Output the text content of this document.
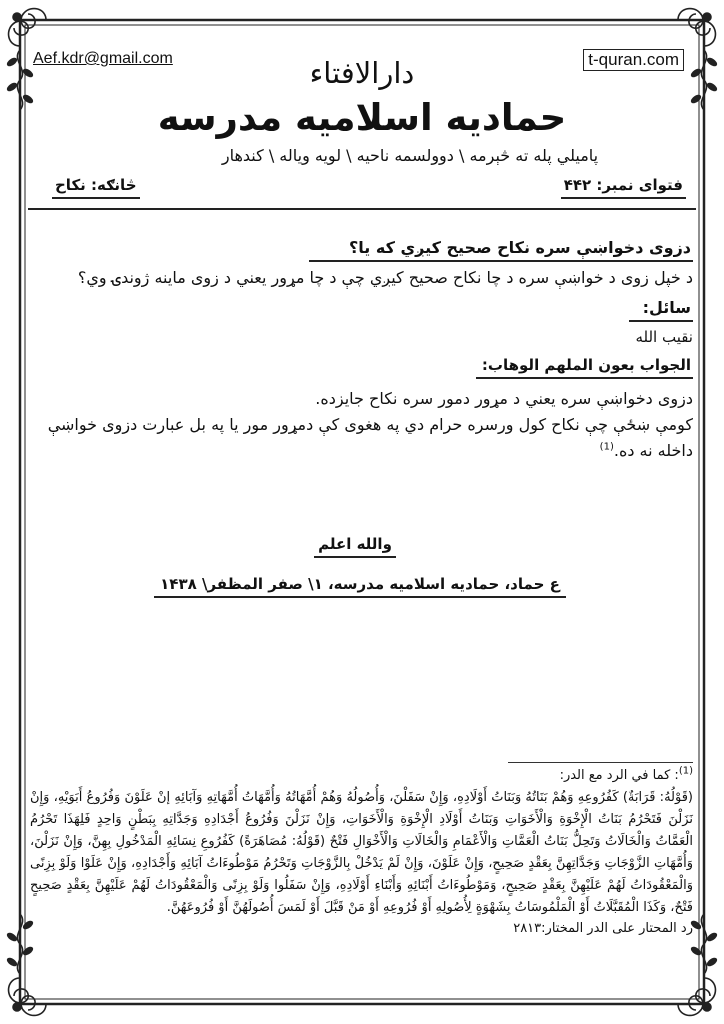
Aef.kdr@gmail.com	t-quran.com
دارالافتاء
حمادیه اسلامیه مدرسه
پامیلي پله ته څېرمه \ دوولسمه ناحیه \ لویه ویاله \ کندهار
فتوای نمبر: ۴۴۲
څانګه: نکاح
دزوی دخواښې سره نکاح صحیح کیږي که یا؟
د خپل زوی د خواښې سره د چا نکاح صحیح کیږي چې د چا مړور یعني د زوی ماینه ژوندۍ وي؟
سائل:
نقیب الله
الجواب بعون الملهم الوهاب:

دزوی دخواښې سره یعني د مړور دمور سره نکاح جایزده.

کومې ښځې چې نکاح کول ورسره حرام دي په هغوی کې دمړور مور یا په بل عبارت دزوی خواښې داخله نه ده.$^{(1)}$

والله اعلم
ع حماد، حمادیه اسلامیه مدرسه، ۱\ صفر المظفر\ ۱۴۳۸

$^{(1)}$: كما في الرد مع الدر:

(قَوْلُهُ: قَرَابَةٌ) كَفُرُوعِهِ وَهُمْ بَنَاتُهُ وَبَنَاتُ أَوْلَادِهِ، وَإِنْ سَفَلْنَ، وَأُصُولُهُ وَهُمْ أُمَّهَاتُهُ وَأُمَّهَاتُ أُمَّهَاتِهِ وَآبَائِهِ إنْ عَلَوْنَ وَفُرُوعُ أَبَوَيْهِ، وَإِنْ نَزَلْنَ فَتَحْرُمُ بَنَاتُ الْإِخْوَةِ وَالْأَخَوَاتِ وَبَنَاتُ أَوْلَادِ الْإِخْوَةِ وَالْأَخَوَاتِ، وَإِنْ نَزَلْنَ وَفُرُوعُ أَجْدَادِهِ وَجَدَّاتِهِ بِبَطْنٍ وَاحِدٍ فَلِهَذَا تَحْرُمُ الْعَمَّاتُ وَالْخَالَاتُ وَتَحِلُّ بَنَاتُ الْعَمَّاتِ وَالْأَعْمَامِ وَالْخَالَاتِ وَالْأَخْوَالِ فَتْحٌ (قَوْلُهُ: مُصَاهَرَةً) كَفُرُوعِ نِسَائِهِ الْمَدْخُولِ بِهِنَّ، وَإِنْ نَزَلْنَ، وَأُمَّهَاتِ الزَّوْجَاتِ وَجَدَّاتِهِنَّ بِعَقْدٍ صَحِيحٍ، وَإِنْ عَلَوْنَ، وَإِنْ لَمْ يَدْخُلْ بِالزَّوْجَاتِ وَتَحْرُمُ مَوْطُوءَاتُ آبَائِهِ وَأَجْدَادِهِ، وَإِنْ عَلَوْا وَلَوْ بِزِنًى وَالْمَعْقُودَاتُ لَهُمْ عَلَيْهِنَّ بِعَقْدٍ صَحِيحٍ، وَمَوْطُوءَاتُ أَبْنَائِهِ وَأَبْنَاءِ أَوْلَادِهِ، وَإِنْ سَفَلُوا وَلَوْ بِزِنًى وَالْمَعْقُودَاتُ لَهُمْ عَلَيْهِنَّ بِعَقْدٍ صَحِيحٍ فَتْحٌ، وَكَذَا الْمُقَبَّلَاتُ أَوْ الْمَلْمُوسَاتُ بِشَهْوَةٍ لِأُصُولِهِ أَوْ فُرُوعِهِ أَوْ مَنْ قَبَّلَ أَوْ لَمَسَ أُصُولَهُنَّ أَوْ فُرُوعَهُنَّ.

رد المحتار على الدر المختار:۲۸۱۳
